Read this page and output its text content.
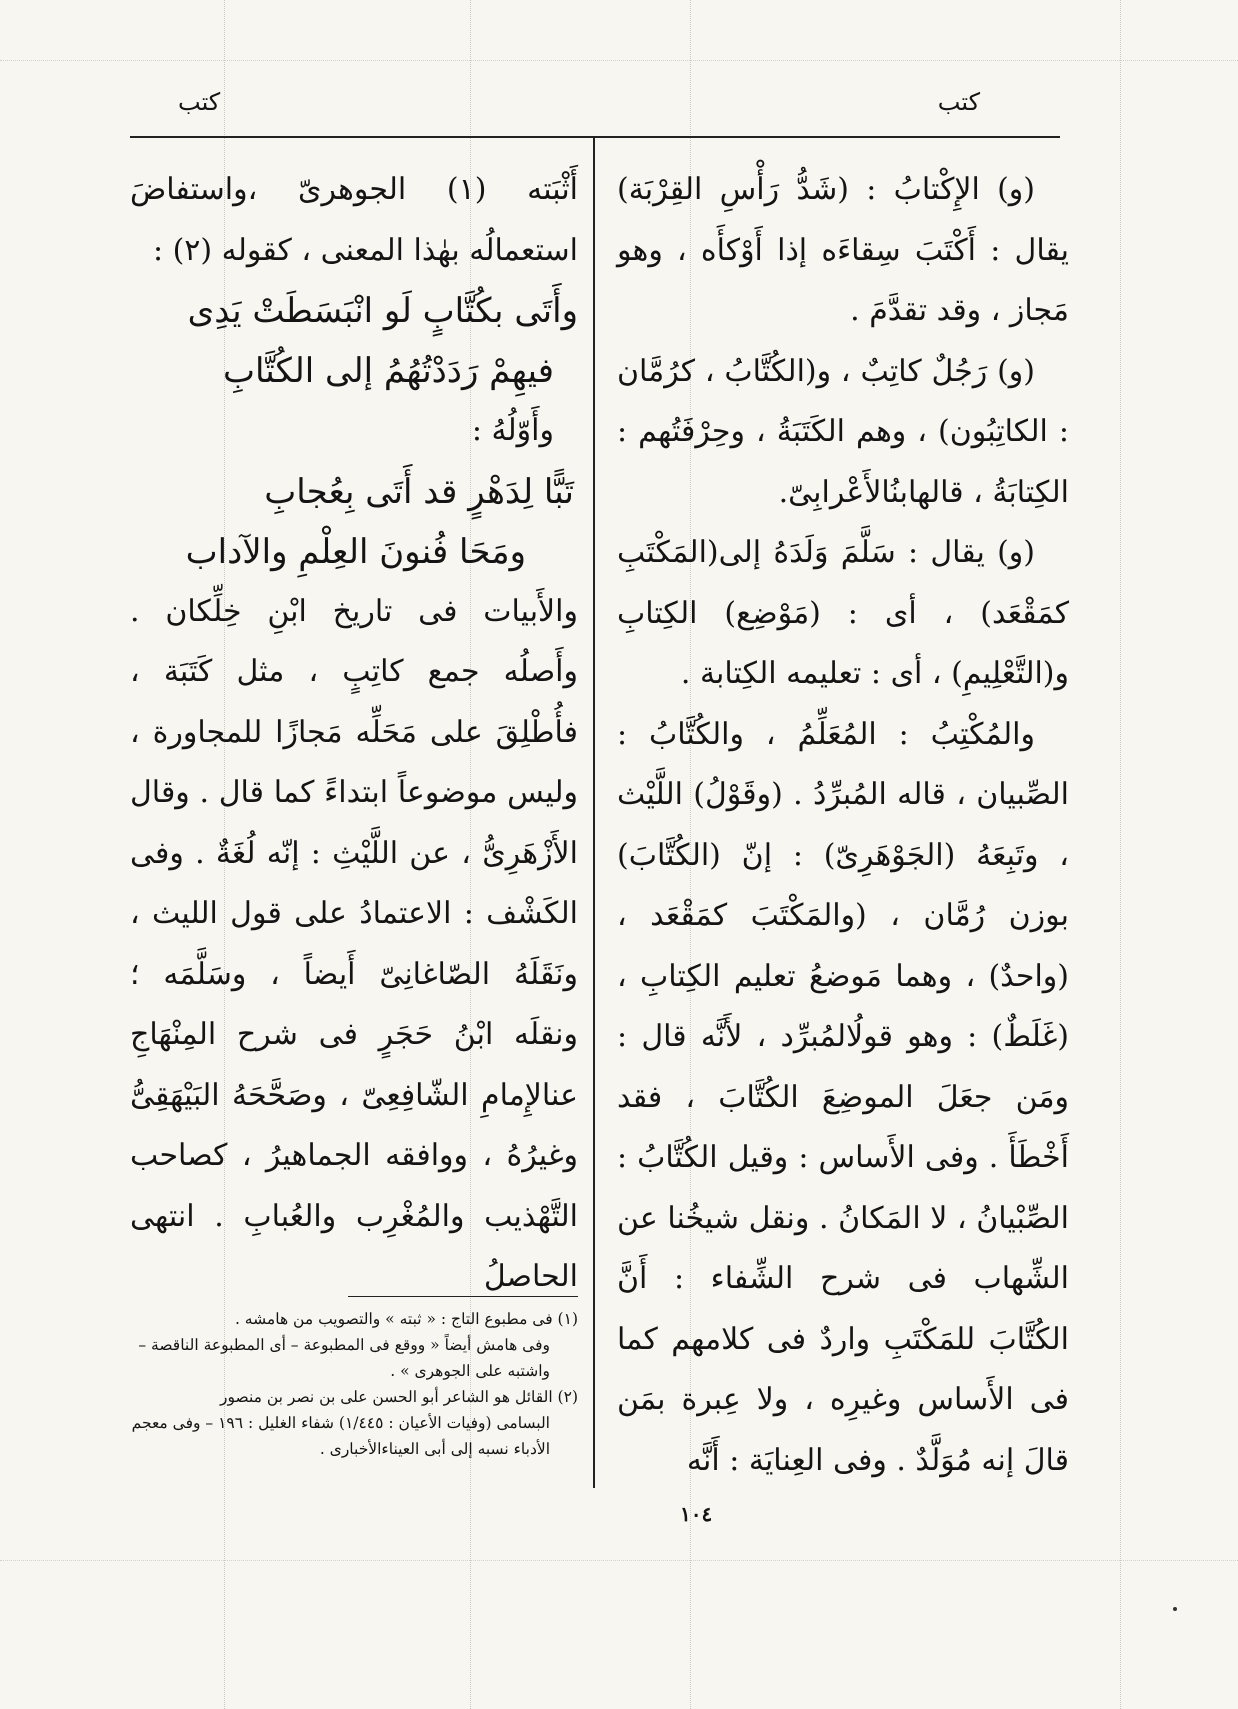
كتب
كتب

(و) الإِكْتابُ : (شَدُّ رَأْسِ القِرْبَة) يقال : أَكْتَبَ سِقاءَه إذا أَوْكأَه ، وهو مَجاز ، وقد تقدَّمَ .

(و) رَجُلٌ كاتِبٌ ، و(الكُتَّابُ ، كرُمَّان : الكاتِبُون) ، وهم الكَتَبَةُ ، وحِرْفَتُهم : الكِتابَةُ ، قالهابنُالأَعْرابِىّ.

(و) يقال : سَلَّمَ وَلَدَهُ إلى(المَكْتَبِ كمَقْعَد) ، أى : (مَوْضِع) الكِتابِ و(التَّعْلِيمِ) ، أى : تعليمه الكِتابة .

والمُكْتِبُ : المُعَلِّمُ ، والكُتَّابُ : الصِّبيان ، قاله المُبرِّدُ . (وقَوْلُ) اللَّيْث ، وتَبِعَهُ (الجَوْهَرِىّ) : إنّ (الكُتَّابَ) بوزن رُمَّان ، (والمَكْتَبَ كمَقْعَد ، (واحدٌ) ، وهما مَوضعُ تعليم الكِتابِ ، (غَلَطٌ) : وهو قولُالمُبرِّد ، لأَنَّه قال : ومَن جعَلَ الموضِعَ الكُتَّابَ ، فقد أَخْطَأَ . وفى الأَساس : وقيل الكُتَّابُ : الصِّبْيانُ ، لا المَكانُ . ونقل شيخُنا عن الشِّهاب فى شرح الشِّفاء : أَنَّ الكُتَّابَ للمَكْتَبِ واردٌ فى كلامهم كما فى الأَساس وغيرِه ، ولا عِبرة بمَن قالَ إنه مُوَلَّدٌ . وفى العِنايَة : أَنَّه

أَثْبَته (١) الجوهرىّ ،واستفاضَ استعمالُه بهٰذا المعنى ، كقوله (٢) :

وأَتَى بكُتَّابٍ لَو انْبَسَطَتْ يَدِى

فيهِمْ رَدَدْتُهُمُ إلى الكُتَّابِ

وأَوّلُهُ :

تَبًّا لِدَهْرٍ قد أَتَى بِعُجابِ

ومَحَا فُنونَ العِلْمِ والآداب

والأَبيات فى تاريخ ابْنِ خِلِّكان . وأَصلُه جمع كاتِبٍ ، مثل كَتَبَة ، فأُطْلِقَ على مَحَلِّه مَجازًا للمجاورة ، وليس موضوعاً ابتداءً كما قال . وقال الأَزْهَرِىُّ ، عن اللَّيْثِ : إنّه لُغَةٌ . وفى الكَشْف : الاعتمادُ على قول الليث ، ونَقَلَهُ الصّاغانِىّ أَيضاً ، وسَلَّمَه ؛ ونقلَه ابْنُ حَجَرٍ فى شرح المِنْهَاجِ عنالإِمامِ الشّافِعِىّ ، وصَحَّحَهُ البَيْهَقِىُّ وغيرُهُ ، ووافقه الجماهيرُ ، كصاحب التَّهْذيب والمُغْرِب والعُبابِ . انتهى الحاصلُ

(١) فى مطبوع التاج : « ثبته » والتصويب من هامشه .

وفى هامش أيضاً « ووقع فى المطبوعة – أى المطبوعة الناقصة – واشتبه على الجوهرى » .

(٢) القائل هو الشاعر أبو الحسن على بن نصر بن منصور

البسامى (وفيات الأعيان : ١/٤٤٥) شفاء الغليل : ١٩٦ – وفى معجم الأدباء نسبه إلى أبى العيناءالأخبارى .

١٠٤
